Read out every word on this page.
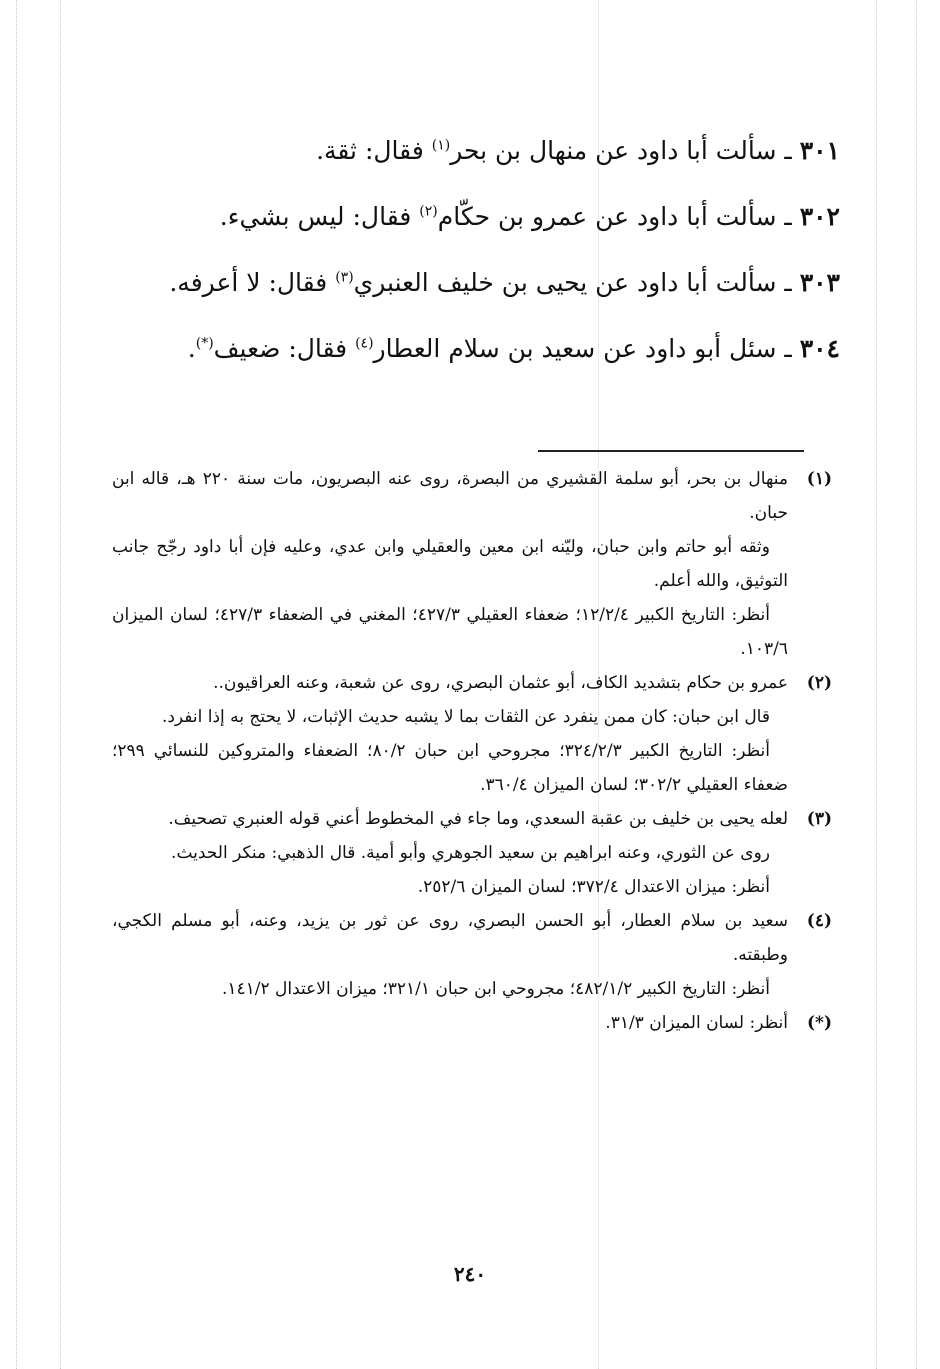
٣٠١ ـ سألت أبا داود عن منهال بن بحر$^{(١)}$ فقال: ثقة.
٣٠٢ ـ سألت أبا داود عن عمرو بن حكّام$^{(٢)}$ فقال: ليس بشيء.
٣٠٣ ـ سألت أبا داود عن يحيى بن خليف العنبري$^{(٣)}$ فقال: لا أعرفه.
٣٠٤ ـ سئل أبو داود عن سعيد بن سلام العطار$^{(٤)}$ فقال: ضعيف(*).
(١)
منهال بن بحر، أبو سلمة القشيري من البصرة، روى عنه البصريون، مات سنة ٢٢٠ هـ، قاله ابن حبان.
وثقه أبو حاتم وابن حبان، وليّنه ابن معين والعقيلي وابن عدي، وعليه فإن أبا داود رجّح جانب التوثيق، والله أعلم.
أنظر: التاريخ الكبير ١٢/٢/٤؛ ضعفاء العقيلي ٤٢٧/٣؛ المغني في الضعفاء ٤٢٧/٣؛ لسان الميزان ١٠٣/٦.
(٢)
عمرو بن حكام بتشديد الكاف، أبو عثمان البصري، روى عن شعبة، وعنه العراقيون..
قال ابن حبان: كان ممن ينفرد عن الثقات بما لا يشبه حديث الإثبات، لا يحتج به إذا انفرد.
أنظر: التاريخ الكبير ٣٢٤/٢/٣؛ مجروحي ابن حبان ٨٠/٢؛ الضعفاء والمتروكين للنسائي ٢٩٩؛ ضعفاء العقيلي ٣٠٢/٢؛ لسان الميزان ٣٦٠/٤.
(٣)
لعله يحيى بن خليف بن عقبة السعدي، وما جاء في المخطوط أعني قوله العنبري تصحيف.
روى عن الثوري، وعنه ابراهيم بن سعيد الجوهري وأبو أمية. قال الذهبي: منكر الحديث.
أنظر: ميزان الاعتدال ٣٧٢/٤؛ لسان الميزان ٢٥٢/٦.
(٤)
سعيد بن سلام العطار، أبو الحسن البصري، روى عن ثور بن يزيد، وعنه، أبو مسلم الكجي، وطبقته.
أنظر: التاريخ الكبير ٤٨٢/١/٢؛ مجروحي ابن حبان ٣٢١/١؛ ميزان الاعتدال ١٤١/٢.
(*)
أنظر: لسان الميزان ٣١/٣.
٢٤٠
